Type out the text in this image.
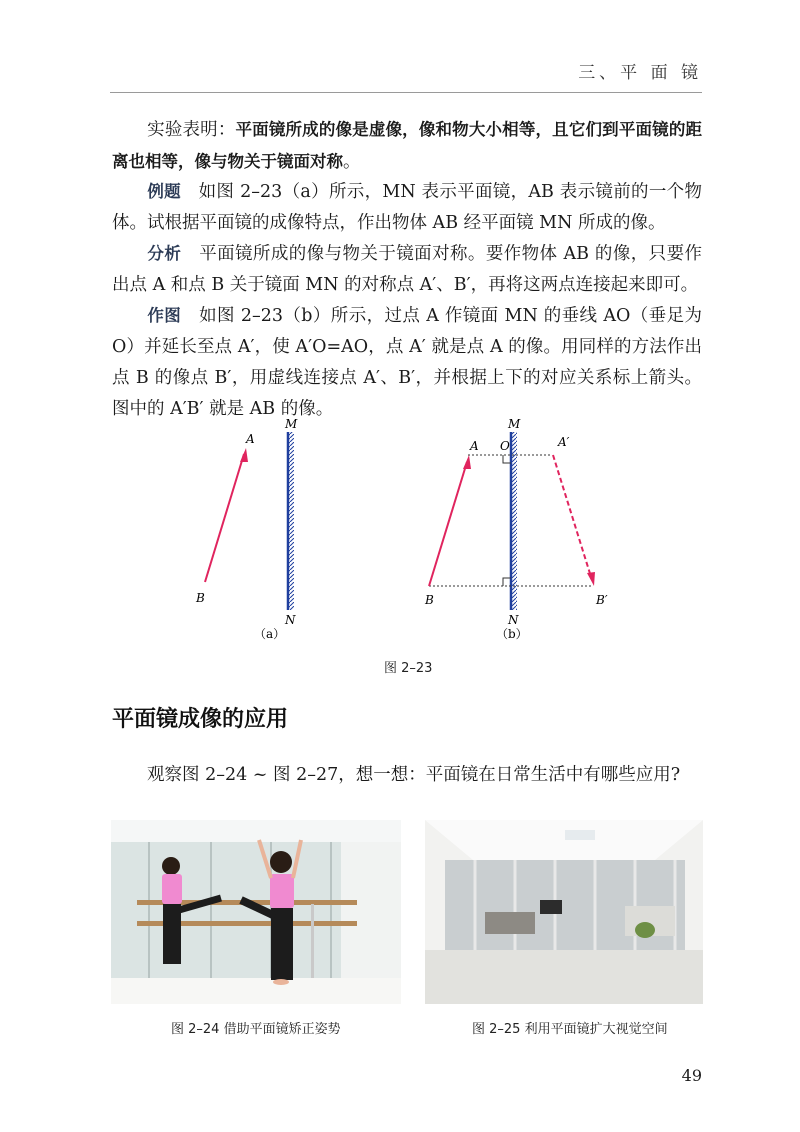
三、平 面 镜

实验表明：平面镜所成的像是虚像，像和物大小相等，且它们到平面镜的距离也相等，像与物关于镜面对称。

例题 如图 2–23（a）所示，MN 表示平面镜，AB 表示镜前的一个物体。试根据平面镜的成像特点，作出物体 AB 经平面镜 MN 所成的像。

分析 平面镜所成的像与物关于镜面对称。要作物体 AB 的像，只要作出点 A 和点 B 关于镜面 MN 的对称点 A′、B′，再将这两点连接起来即可。

作图 如图 2–23（b）所示，过点 A 作镜面 MN 的垂线 AO（垂足为 O）并延长至点 A′，使 A′O=AO，点 A′ 就是点 A 的像。用同样的方法作出点 B 的像点 B′，用虚线连接点 A′、B′，并根据上下的对应关系标上箭头。图中的 A′B′ 就是 AB 的像。

M
N
A
B
（a）
M
N
O
A	A′
B	B′
（b）
图 2–23
平面镜成像的应用

观察图 2–24 ~ 图 2–27，想一想：平面镜在日常生活中有哪些应用?

图 2–24 借助平面镜矫正姿势	图 2–25 利用平面镜扩大视觉空间
49
